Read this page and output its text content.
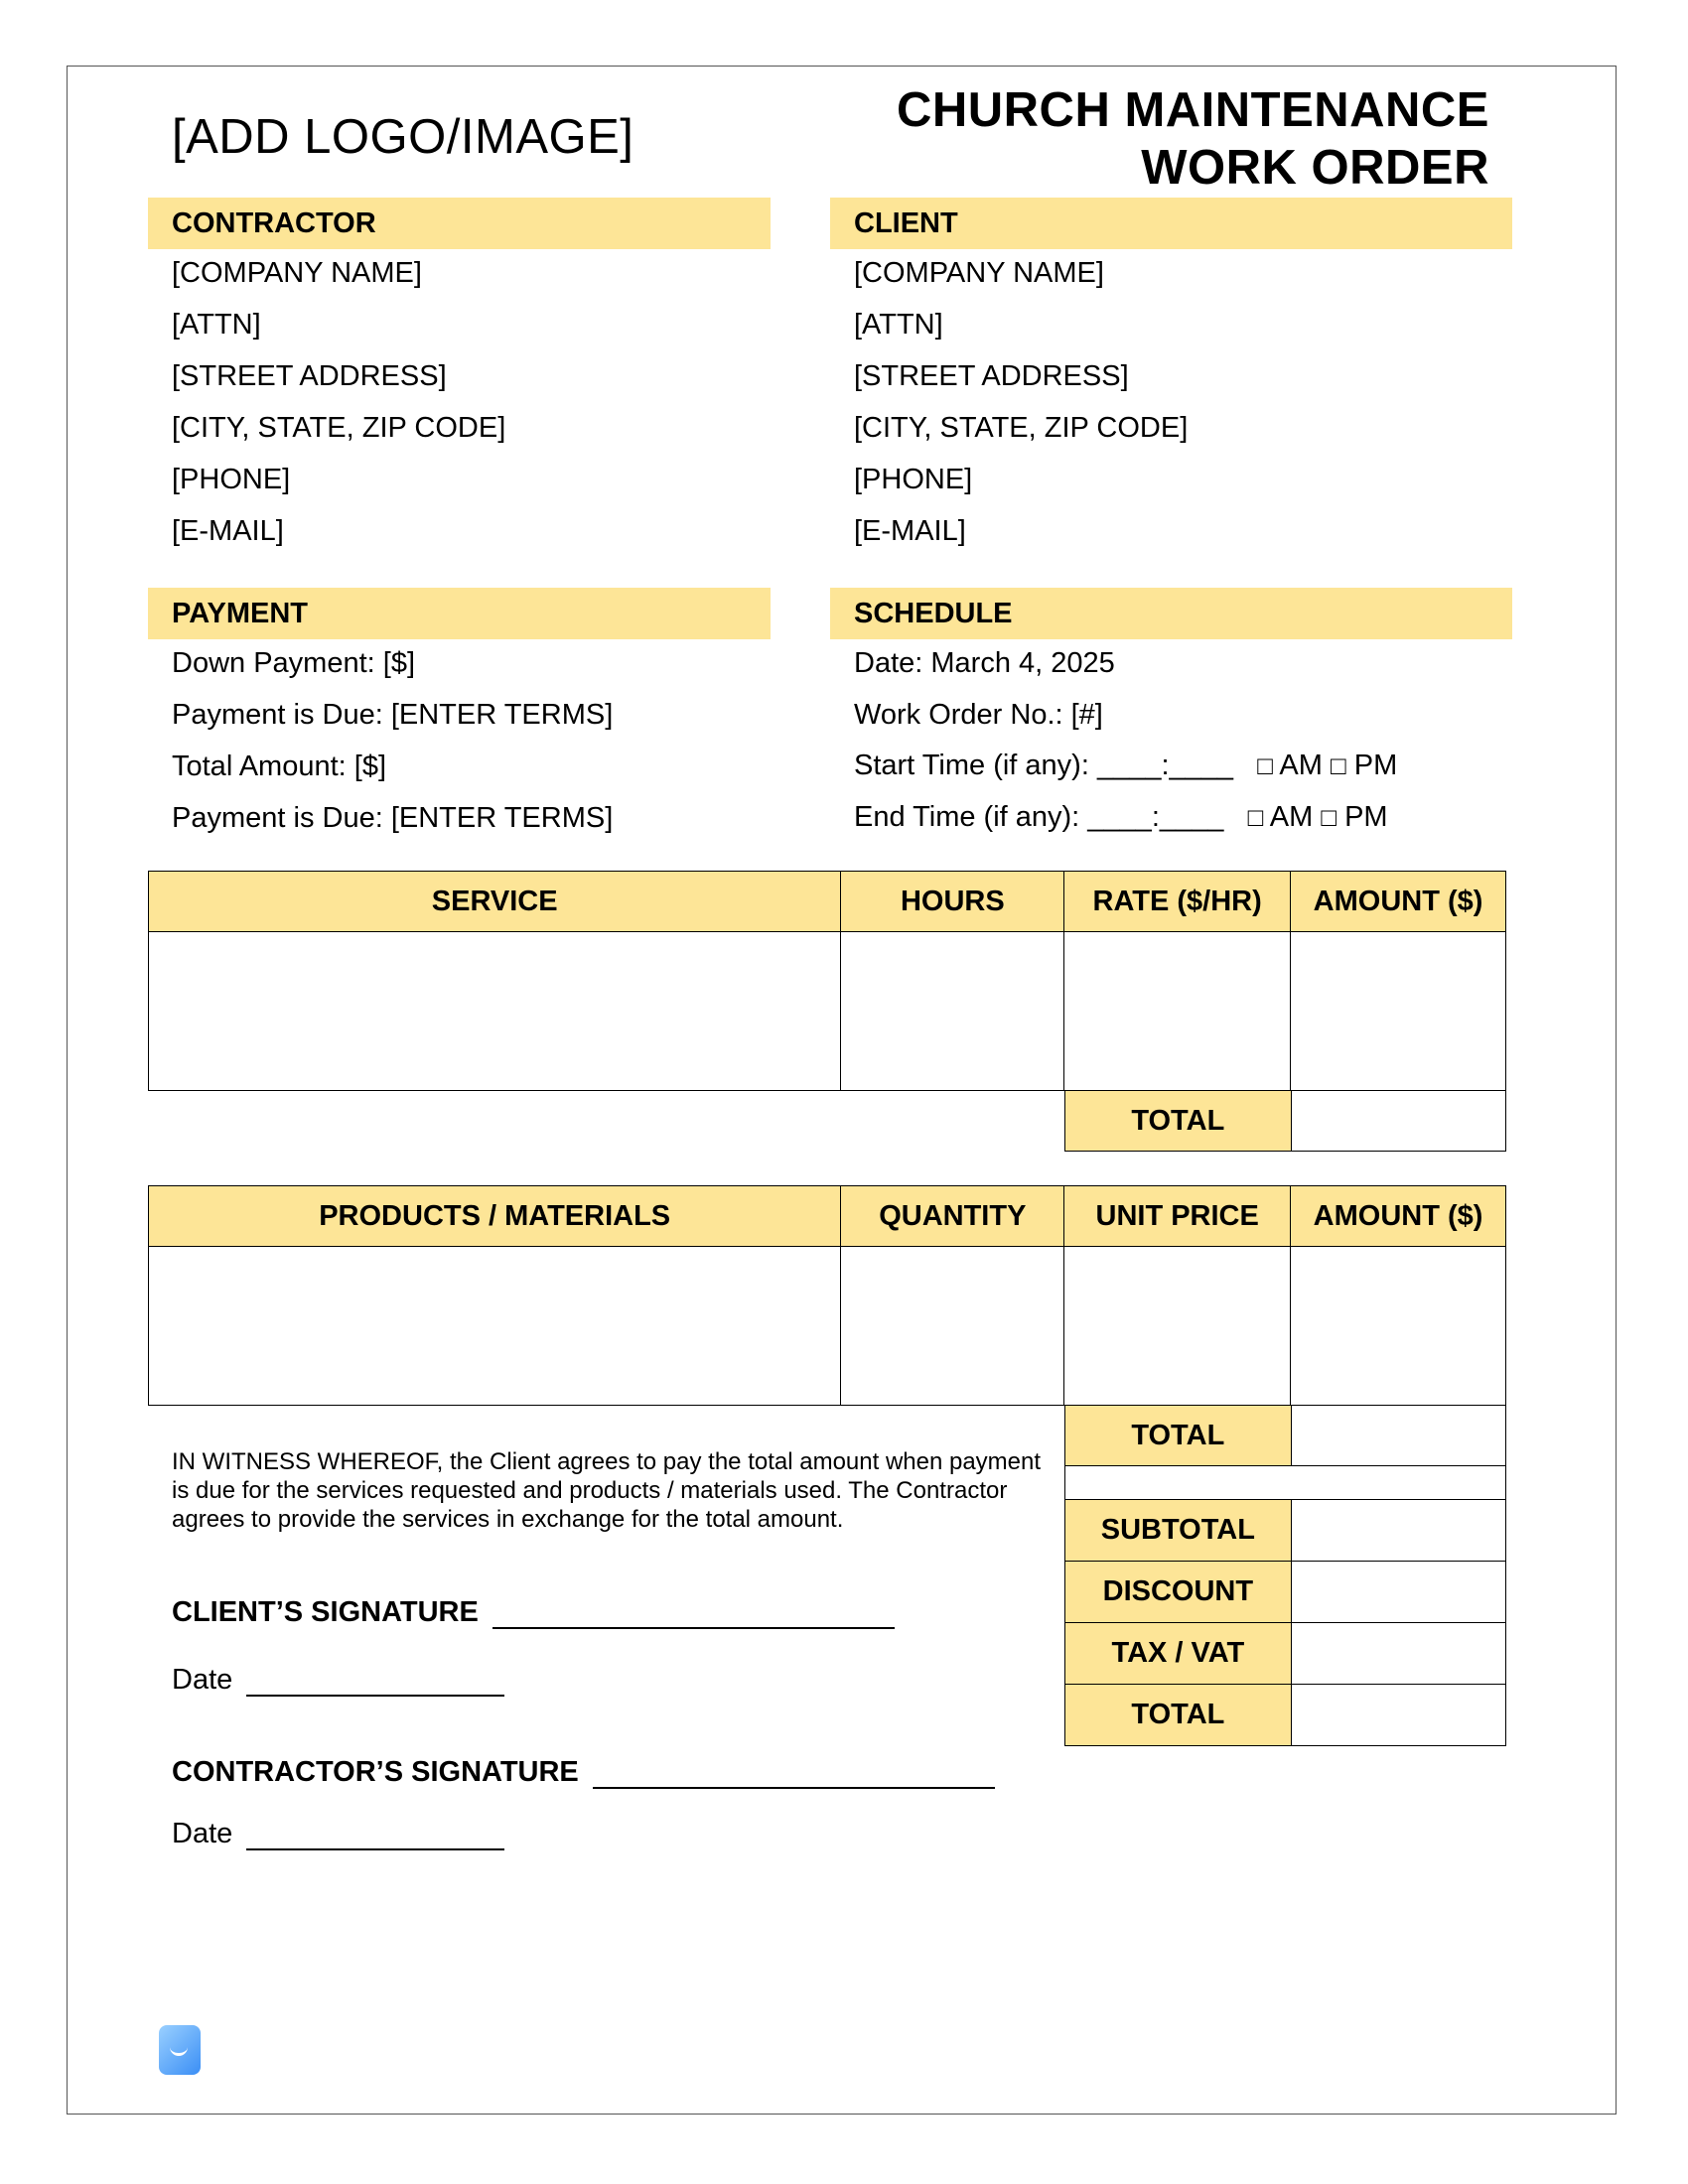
[ADD LOGO/IMAGE]	CHURCH MAINTENANCE
WORK ORDER
CONTRACTOR
[COMPANY NAME]
[ATTN]
[STREET ADDRESS]
[CITY, STATE, ZIP CODE]
[PHONE]
[E-MAIL]
CLIENT
[COMPANY NAME]
[ATTN]
[STREET ADDRESS]
[CITY, STATE, ZIP CODE]
[PHONE]
[E-MAIL]
PAYMENT
Down Payment: [$]
Payment is Due: [ENTER TERMS]
Total Amount: [$]
Payment is Due: [ENTER TERMS]
SCHEDULE
Date: March 4, 2025
Work Order No.: [#]
Start Time (if any): ____:____ □ AM □ PM
End Time (if any): ____:____ □ AM □ PM
SERVICE	HOURS	RATE ($/HR)	AMOUNT ($)

TOTAL	
PRODUCTS / MATERIALS	QUANTITY	UNIT PRICE	AMOUNT ($)

TOTAL	
SUBTOTAL	
DISCOUNT	
TAX / VAT	
TOTAL	
IN WITNESS WHEREOF, the Client agrees to pay the total amount when payment is due for the services requested and products / materials used. The Contractor agrees to provide the services in exchange for the total amount.
CLIENT’S SIGNATURE
Date
CONTRACTOR’S SIGNATURE
Date
